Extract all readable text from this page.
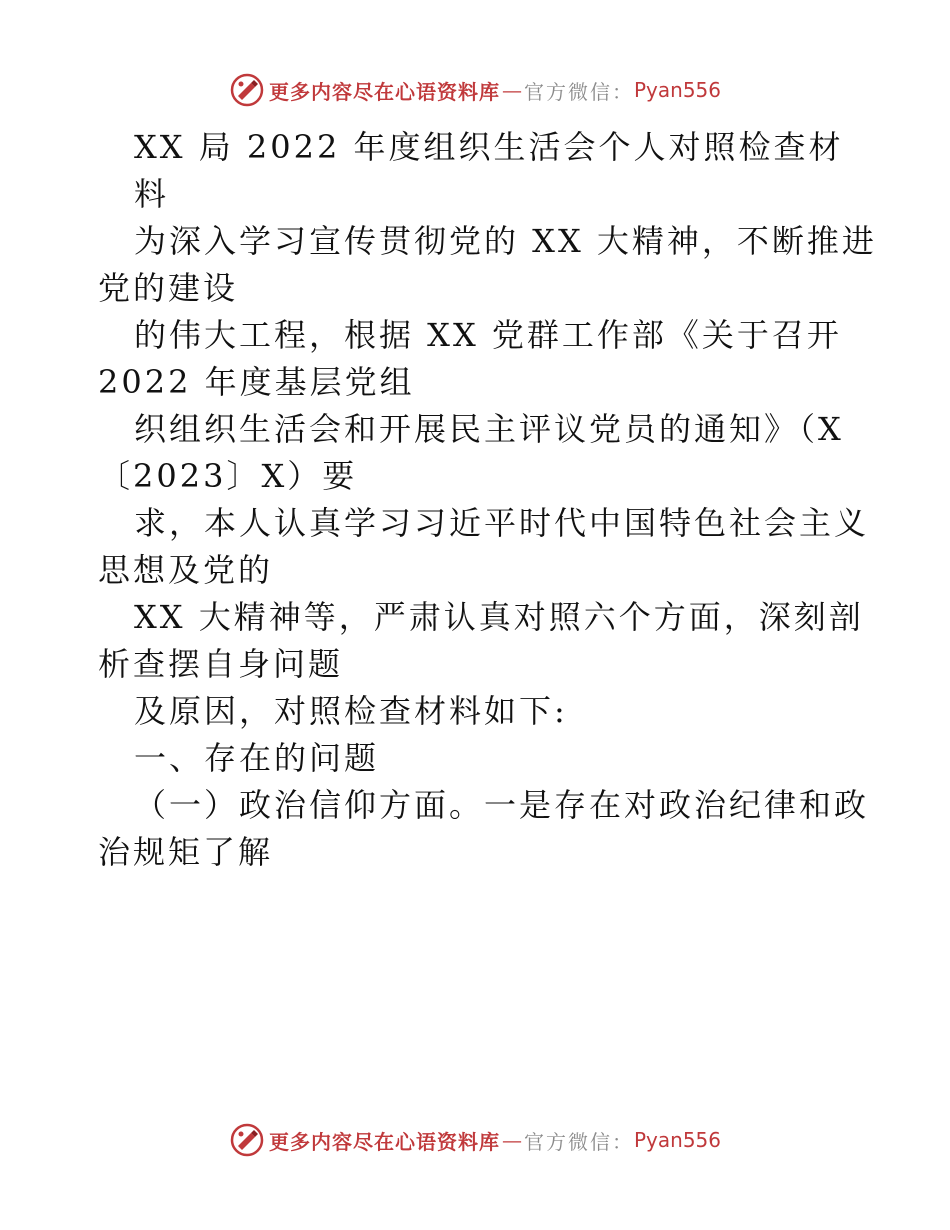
更多内容尽在心语资料库 — 官方微信： Pyan556
XX 局 2022 年度组织生活会个人对照检查材
料
为深入学习宣传贯彻党的 XX 大精神，不断推进
党的建设
的伟大工程，根据 XX 党群工作部《关于召开
2022 年度基层党组
织组织生活会和开展民主评议党员的通知》（X
〔2023〕X）要
求，本人认真学习习近平时代中国特色社会主义
思想及党的
XX 大精神等，严肃认真对照六个方面，深刻剖
析查摆自身问题
及原因，对照检查材料如下:
一、存在的问题
（一）政治信仰方面。一是存在对政治纪律和政
治规矩了解
更多内容尽在心语资料库 — 官方微信： Pyan556
